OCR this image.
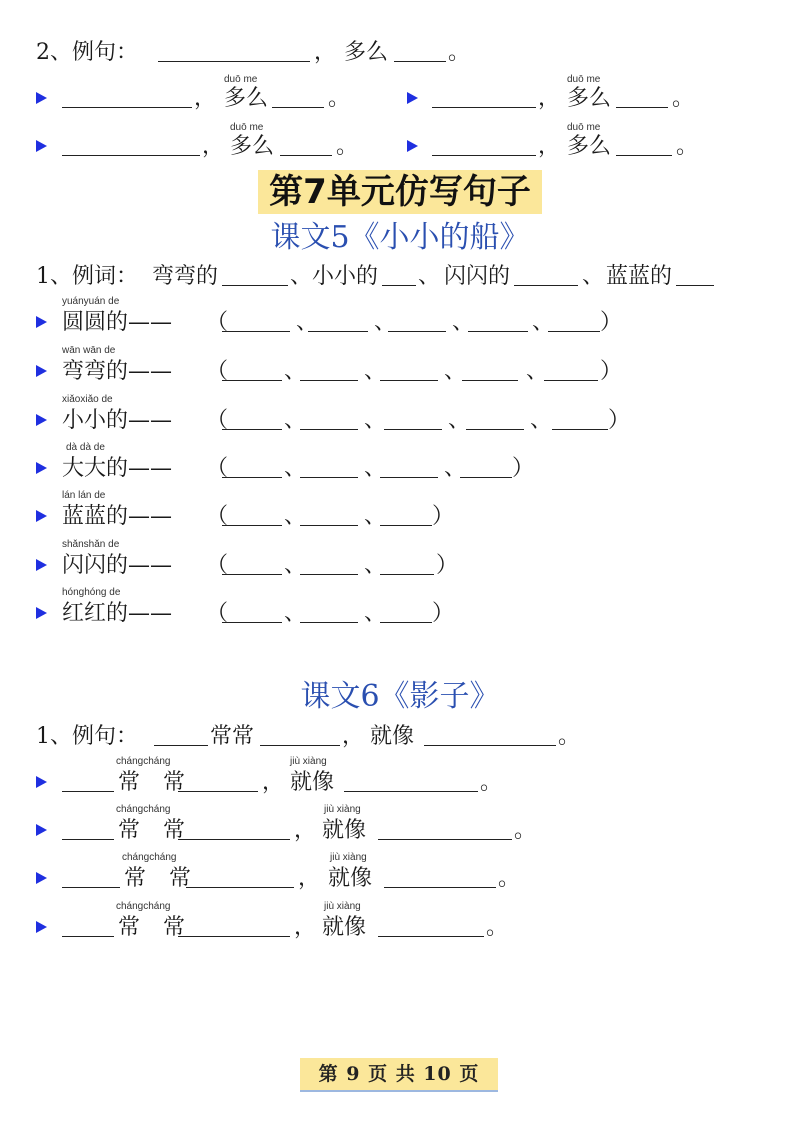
2、例句：	， 多么	。
duō me	duō me
， 多么	。	， 多么	。
duō me	duō me
， 多么	。	， 多么	。
第7单元仿写句子
课文5《小小的船》
1、例词： 弯弯的	、 小小的 、 闪闪的	、 蓝蓝的
yuányuán de
圆圆的—— （	、	、	、	、 ）
wān wān de
弯弯的—— （	、	、	、	、 ）
xiǎoxiǎo de
小小的—— （	、	、	、	、	）
dà dà de
大大的—— （	、	、	、 ）
lán lán de
蓝蓝的—— （	、	、 ）
shǎnshǎn de
闪闪的—— （	、	、 ）
hónghóng de
红红的—— （	、	、 ）
课文6《影子》
1、例句：	常常	， 就像	。
chángcháng	jiù xiàng
常 常	， 就像	。
chángcháng	jiù xiàng
常 常	， 就像	。
chángcháng	jiù xiàng
常 常	， 就像	。
chángcháng	jiù xiàng
常 常	， 就像	。
第 9 页 共 10 页
